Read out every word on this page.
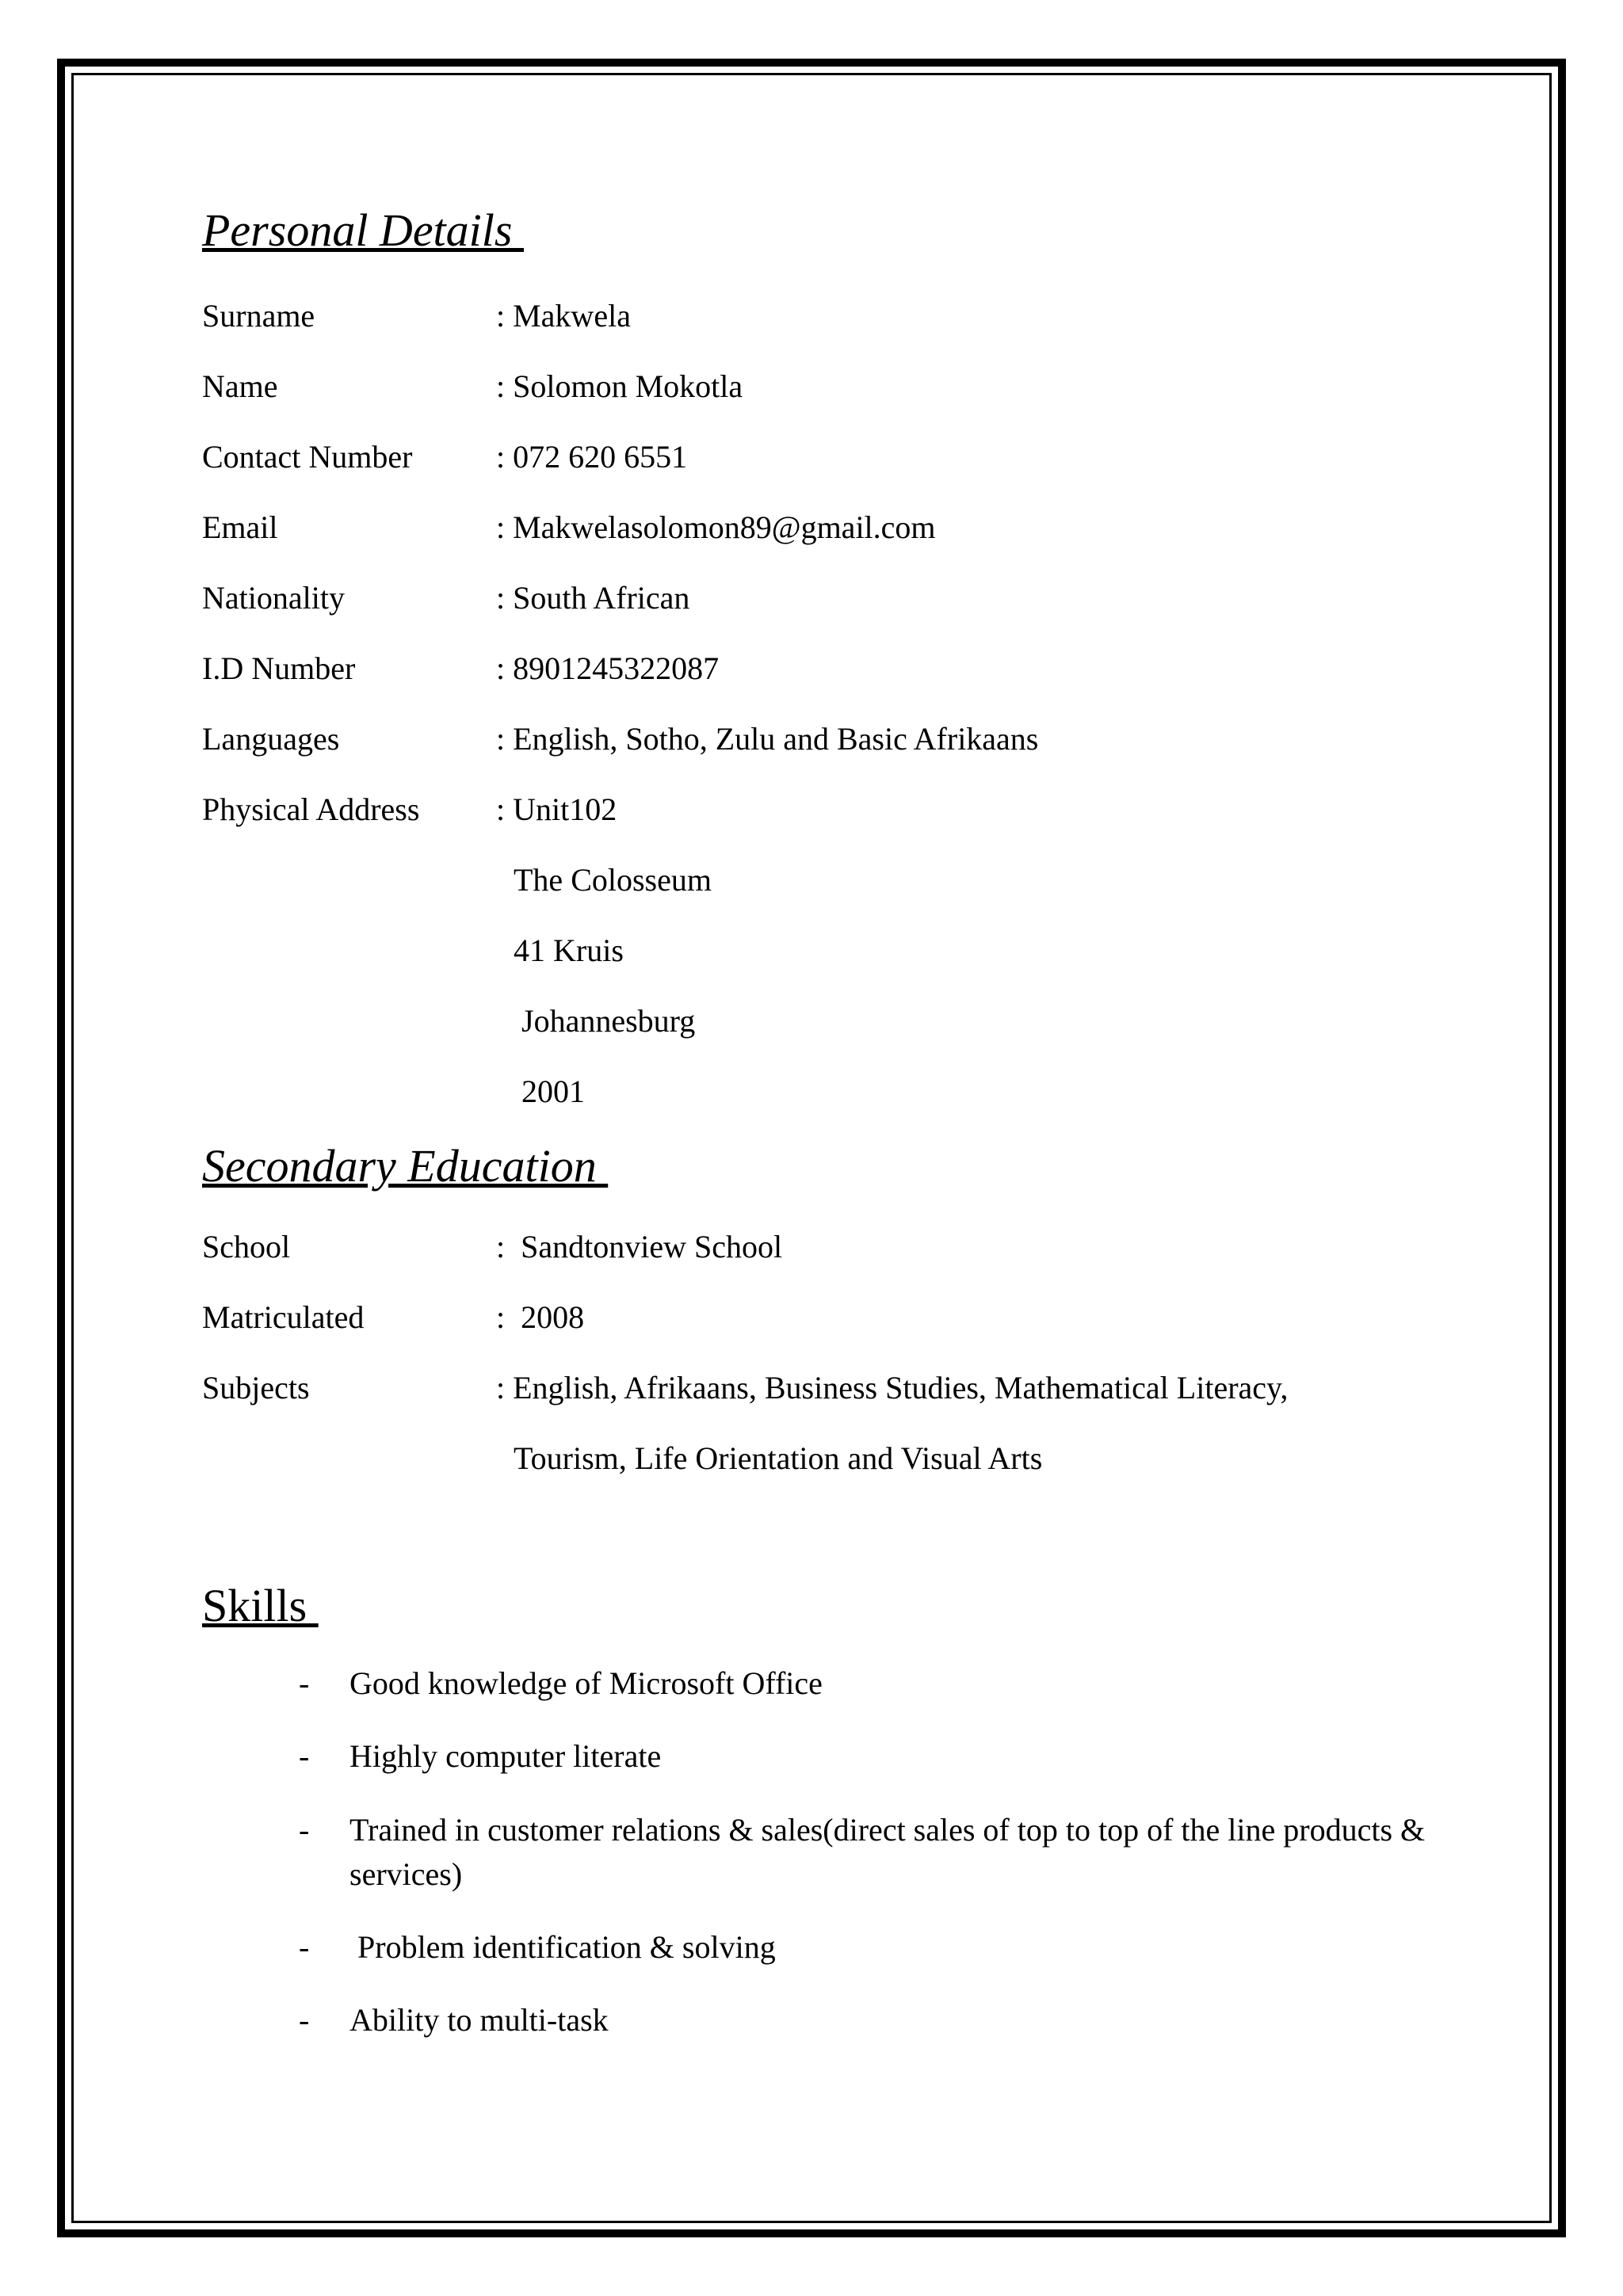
Personal Details
Surname	: Makwela
Name	: Solomon Mokotla
Contact Number	: 072 620 6551
Email	: Makwelasolomon89@gmail.com
Nationality	: South African
I.D Number	: 8901245322087
Languages	: English, Sotho, Zulu and Basic Afrikaans
Physical Address : Unit102
The Colosseum
41 Kruis
Johannesburg
2001
Secondary Education
School	:  Sandtonview School
Matriculated	:  2008
Subjects	: English, Afrikaans, Business Studies, Mathematical Literacy,
Tourism, Life Orientation and Visual Arts
Skills
- Good knowledge of Microsoft Office
- Highly computer literate
- Trained in customer relations & sales(direct sales of top to top of the line products & services)
- Problem identification & solving
- Ability to multi-task
